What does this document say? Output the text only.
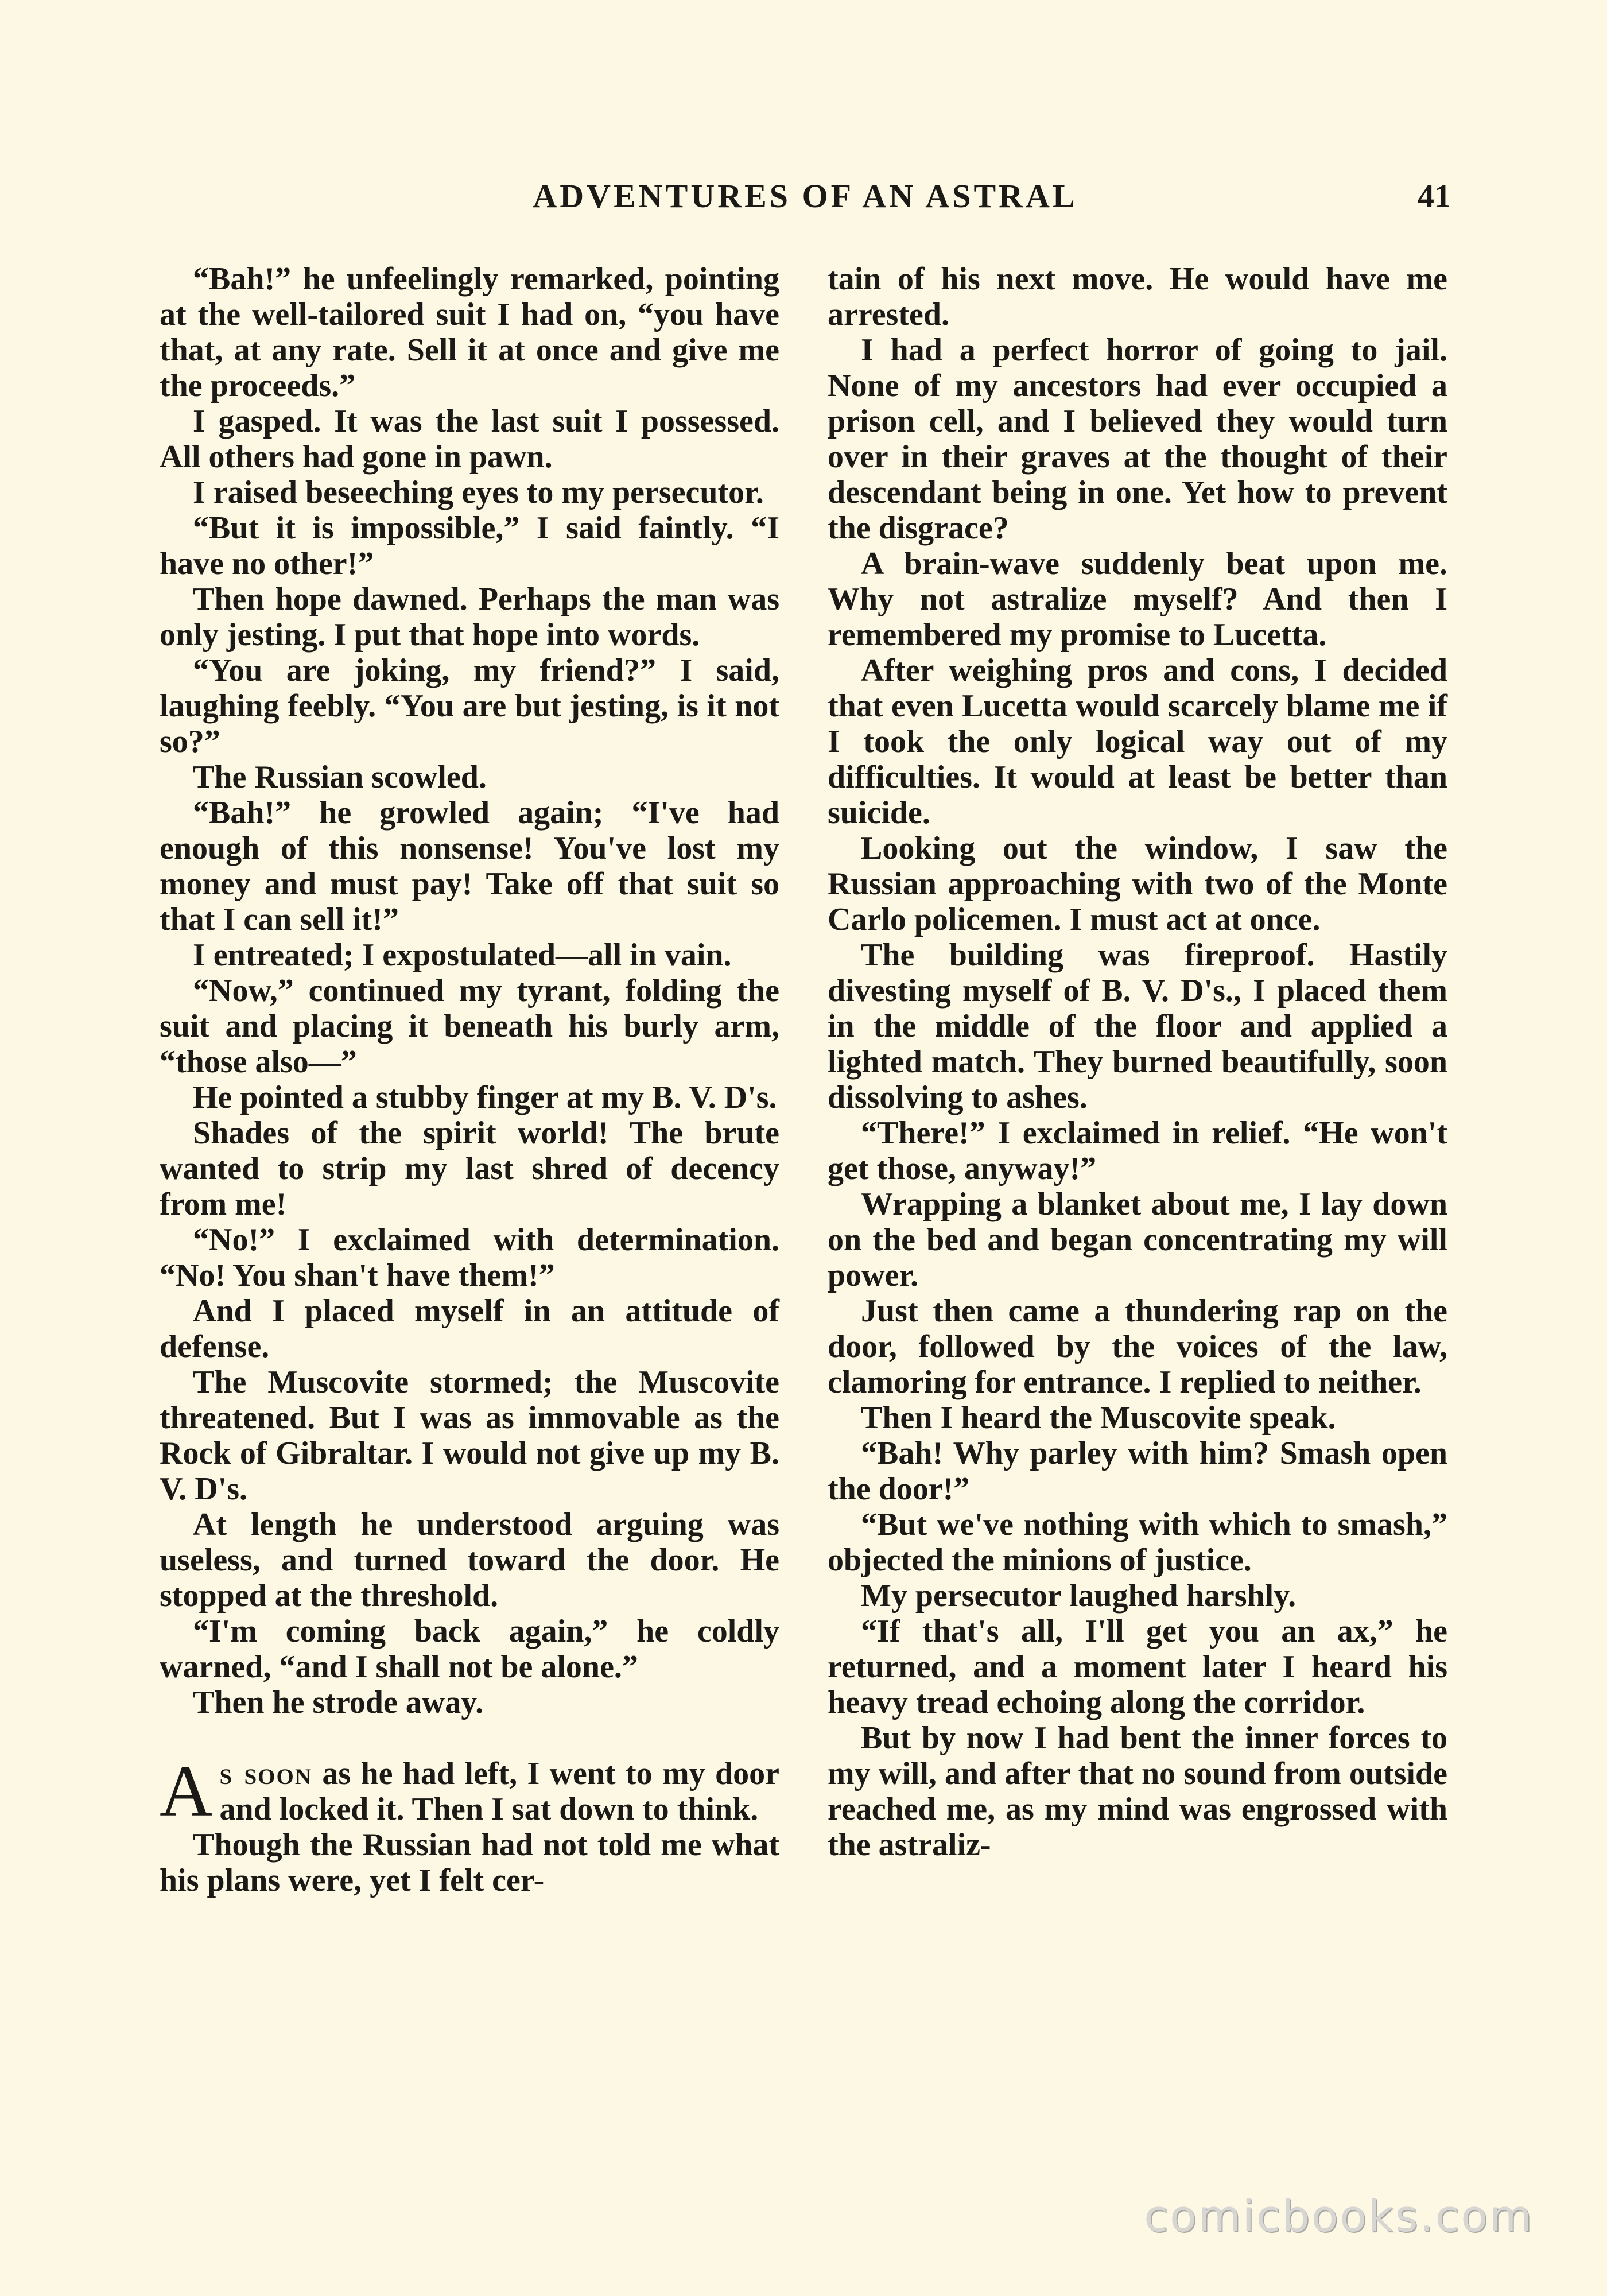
ADVENTURES OF AN ASTRAL	41

“Bah!” he unfeelingly remarked, pointing at the well-tailored suit I had on, “you have that, at any rate. Sell it at once and give me the proceeds.”

I gasped. It was the last suit I possessed. All others had gone in pawn.

I raised beseeching eyes to my persecutor.

“But it is impossible,” I said faintly. “I have no other!”

Then hope dawned. Perhaps the man was only jesting. I put that hope into words.

“You are joking, my friend?” I said, laughing feebly. “You are but jesting, is it not so?”

The Russian scowled.

“Bah!” he growled again; “I've had enough of this nonsense! You've lost my money and must pay! Take off that suit so that I can sell it!”

I entreated; I expostulated—all in vain.

“Now,” continued my tyrant, folding the suit and placing it beneath his burly arm, “those also—”

He pointed a stubby finger at my B. V. D's.

Shades of the spirit world! The brute wanted to strip my last shred of decency from me!

“No!” I exclaimed with determination. “No! You shan't have them!”

And I placed myself in an attitude of defense.

The Muscovite stormed; the Muscovite threatened. But I was as immovable as the Rock of Gibraltar. I would not give up my B. V. D's.

At length he understood arguing was useless, and turned toward the door. He stopped at the threshold.

“I'm coming back again,” he coldly warned, “and I shall not be alone.”

Then he strode away.

As soon as he had left, I went to my door and locked it. Then I sat down to think.

Though the Russian had not told me what his plans were, yet I felt cer-

tain of his next move. He would have me arrested.

I had a perfect horror of going to jail. None of my ancestors had ever occupied a prison cell, and I believed they would turn over in their graves at the thought of their descendant being in one. Yet how to prevent the disgrace?

A brain-wave suddenly beat upon me. Why not astralize myself? And then I remembered my promise to Lucetta.

After weighing pros and cons, I decided that even Lucetta would scarcely blame me if I took the only logical way out of my difficulties. It would at least be better than suicide.

Looking out the window, I saw the Russian approaching with two of the Monte Carlo policemen. I must act at once.

The building was fireproof. Hastily divesting myself of B. V. D's., I placed them in the middle of the floor and applied a lighted match. They burned beautifully, soon dissolving to ashes.

“There!” I exclaimed in relief. “He won't get those, anyway!”

Wrapping a blanket about me, I lay down on the bed and began concentrating my will power.

Just then came a thundering rap on the door, followed by the voices of the law, clamoring for entrance. I replied to neither.

Then I heard the Muscovite speak.

“Bah! Why parley with him? Smash open the door!”

“But we've nothing with which to smash,” objected the minions of justice.

My persecutor laughed harshly.

“If that's all, I'll get you an ax,” he returned, and a moment later I heard his heavy tread echoing along the corridor.

But by now I had bent the inner forces to my will, and after that no sound from outside reached me, as my mind was engrossed with the astraliz-

comicbooks.com
